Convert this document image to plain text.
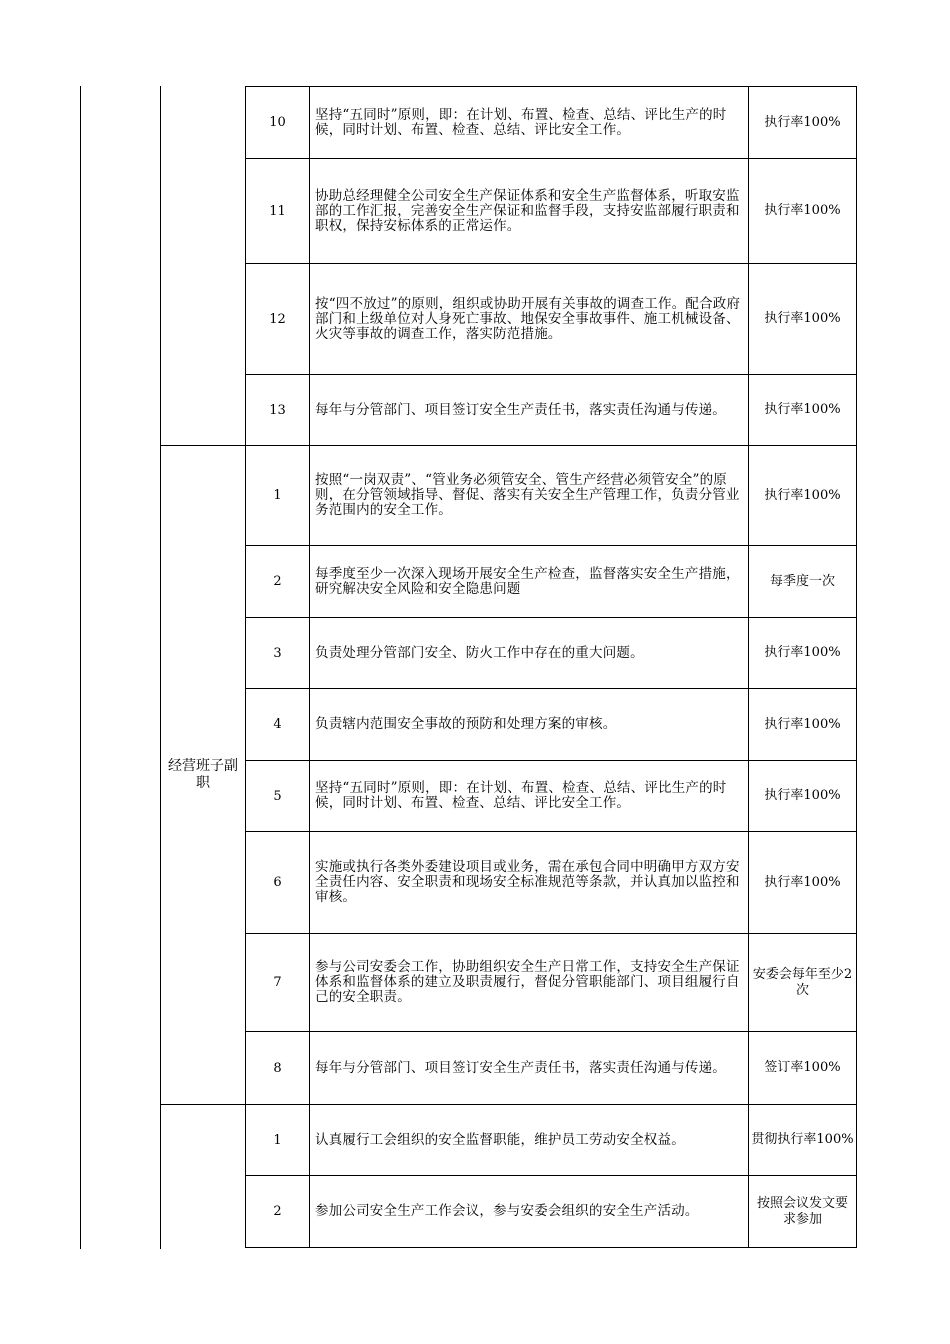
经营班子副职
10	坚持“五同时”原则，即：在计划、布置、检查、总结、评比生产的时候，同时计划、布置、检查、总结、评比安全工作。	执行率100%
11	协助总经理健全公司安全生产保证体系和安全生产监督体系，听取安监部的工作汇报，完善安全生产保证和监督手段，支持安监部履行职责和职权，保持安标体系的正常运作。	执行率100%
12	按“四不放过”的原则，组织或协助开展有关事故的调查工作。配合政府部门和上级单位对人身死亡事故、地保安全事故事件、施工机械设备、火灾等事故的调查工作，落实防范措施。	执行率100%
13	每年与分管部门、项目签订安全生产责任书，落实责任沟通与传递。	执行率100%
1	按照“一岗双责”、“管业务必须管安全、管生产经营必须管安全”的原则，在分管领域指导、督促、落实有关安全生产管理工作，负责分管业务范围内的安全工作。	执行率100%
2	每季度至少一次深入现场开展安全生产检查，监督落实安全生产措施，研究解决安全风险和安全隐患问题	每季度一次
3	负责处理分管部门安全、防火工作中存在的重大问题。	执行率100%
4	负责辖内范围安全事故的预防和处理方案的审核。	执行率100%
5	坚持“五同时”原则，即：在计划、布置、检查、总结、评比生产的时候，同时计划、布置、检查、总结、评比安全工作。	执行率100%
6	实施或执行各类外委建设项目或业务，需在承包合同中明确甲方双方安全责任内容、安全职责和现场安全标准规范等条款，并认真加以监控和审核。	执行率100%
7	参与公司安委会工作，协助组织安全生产日常工作，支持安全生产保证体系和监督体系的建立及职责履行，督促分管职能部门、项目组履行自己的安全职责。	安委会每年至少2次
8	每年与分管部门、项目签订安全生产责任书，落实责任沟通与传递。	签订率100%
1	认真履行工会组织的安全监督职能，维护员工劳动安全权益。	贯彻执行率100%
2	参加公司安全生产工作会议，参与安委会组织的安全生产活动。	按照会议发文要求参加
